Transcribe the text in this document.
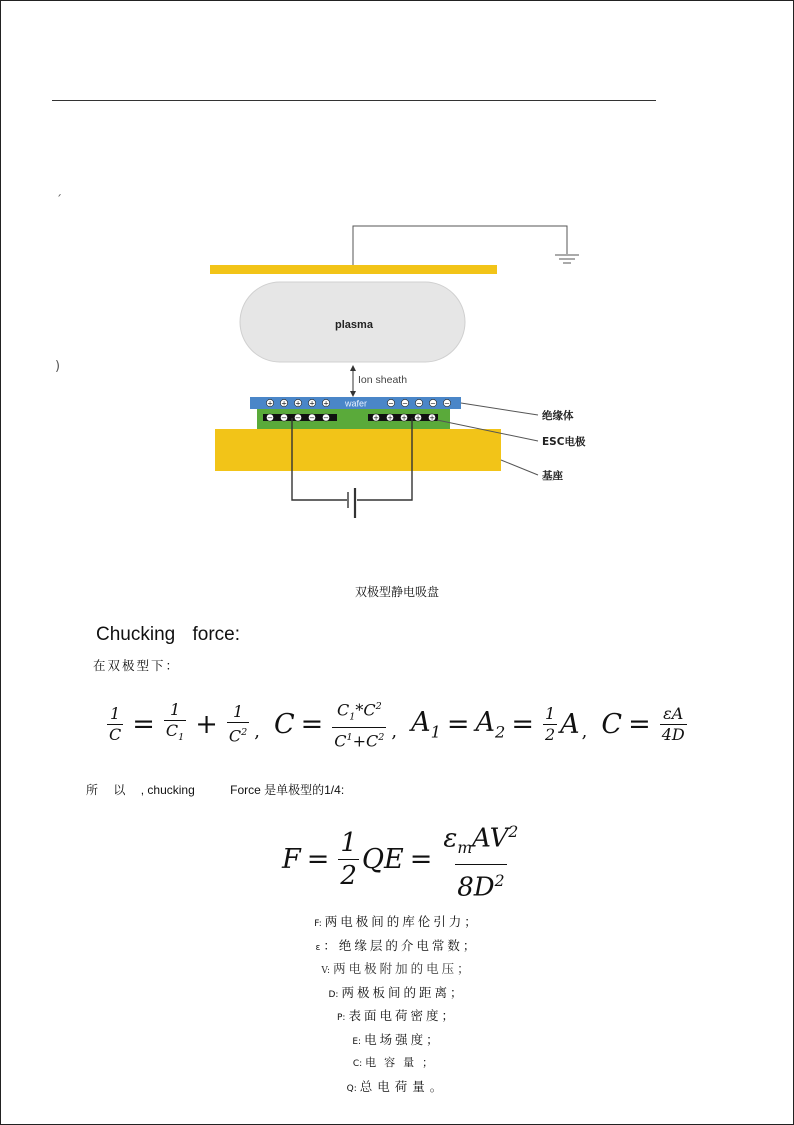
ˊ
)
plasma
Ion sheath
wafer
+ + + + +	− − − − −
− − − − −	+ + + + +	绝缘体
ESC电极
基座
双极型静电吸盘
Chucking force:
在双极型下：
$\frac{1}{C} = \frac{1}{C_1} + \frac{1}{C^2}$ , $C = \frac{C_1*C^2}{C^1+C^2}$ , $A_1 = A_2 = \frac{1}{2}$ A , $C = \frac{\varepsilon A}{4D}$
所 以 , chucking	Force 是单极型的1/4:
$F = \frac{1}{2}$ QE = $\frac{\varepsilon_mAV^2}{8D^2}$
F: 两电极间的库伦引力；
ε ：绝缘层的介电常数；
V: 两电极附加的电压；
D: 两极板间的距离；
P: 表面电荷密度；
E: 电场强度；
C: 电容量；
Q: 总电荷量。
